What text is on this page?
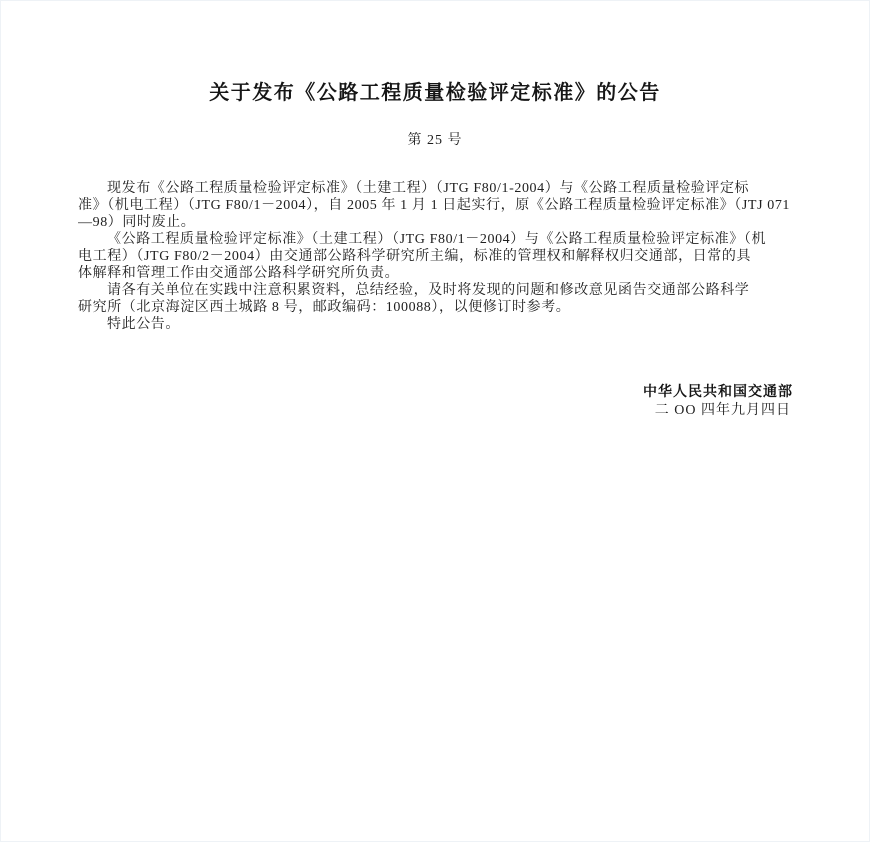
关于发布《公路工程质量检验评定标准》的公告
第 25 号
现发布《公路工程质量检验评定标准》（土建工程）（JTG F80/1-2004）与《公路工程质量检验评定标
准》（机电工程）（JTG F80/1－2004），自 2005 年 1 月 1 日起实行，原《公路工程质量检验评定标准》（JTJ 071
—98）同时废止。
《公路工程质量检验评定标准》（土建工程）（JTG F80/1－2004）与《公路工程质量检验评定标准》（机
电工程）（JTG F80/2－2004）由交通部公路科学研究所主编，标准的管理权和解释权归交通部，日常的具
体解释和管理工作由交通部公路科学研究所负责。
请各有关单位在实践中注意积累资料，总结经验，及时将发现的问题和修改意见函告交通部公路科学
研究所（北京海淀区西土城路 8 号，邮政编码：100088），以便修订时参考。
特此公告。
中华人民共和国交通部
二 OO 四年九月四日
